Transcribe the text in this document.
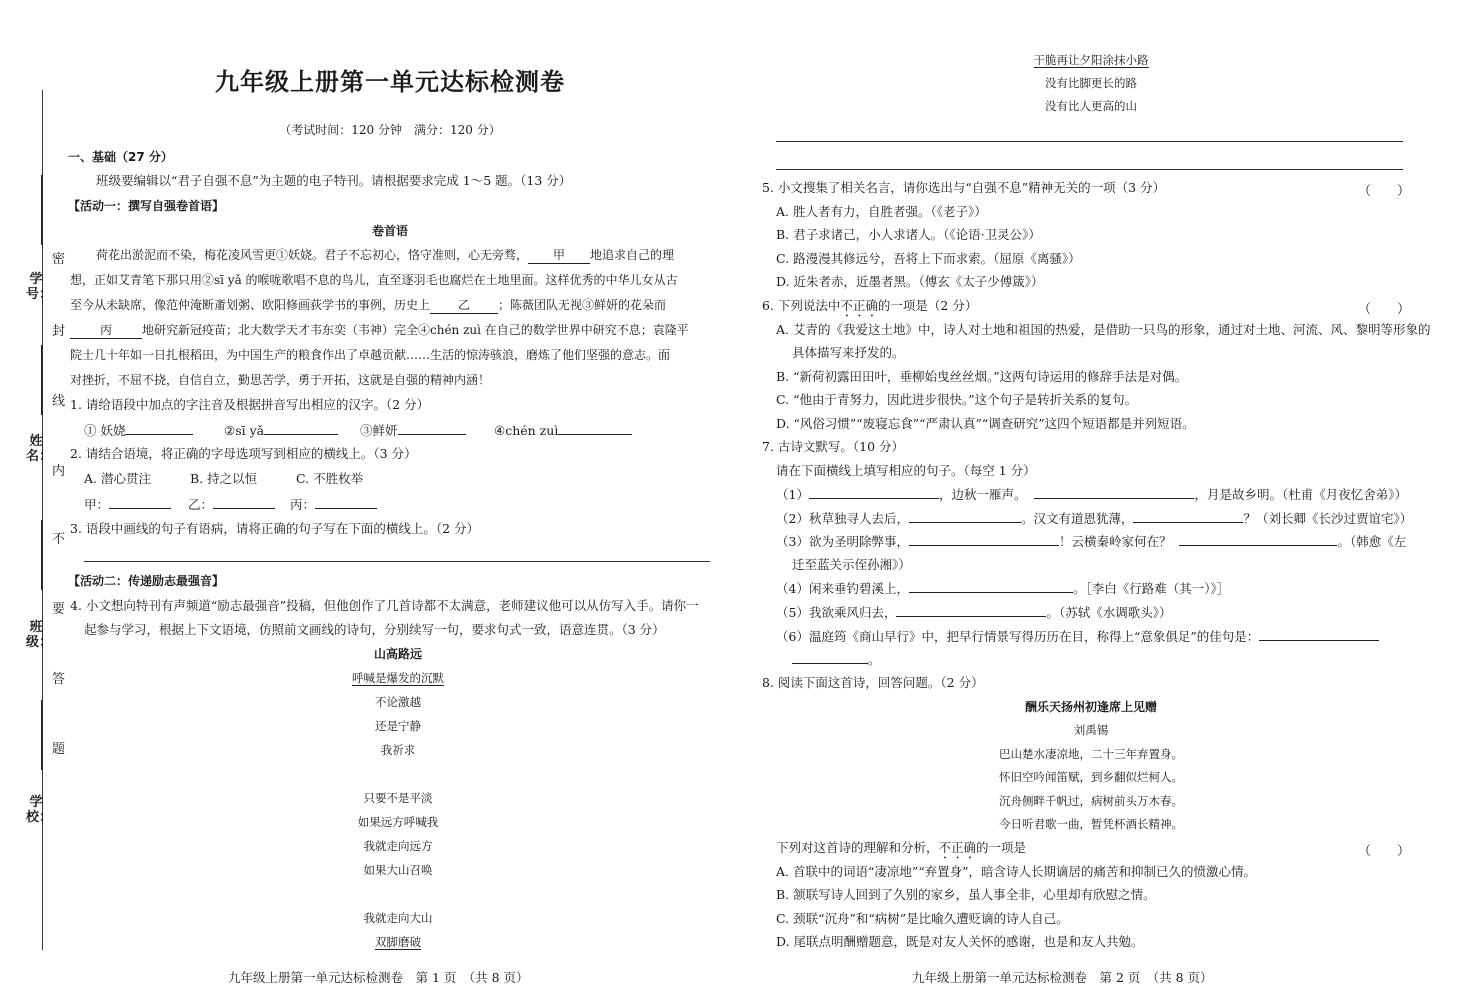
学号：
姓名：
班级：
学校：
密
封
线
内
不
要
答
题
九年级上册第一单元达标检测卷
（考试时间：120 分钟　满分：120 分）
一、基础（27 分）
班级要编辑以“君子自强不息”为主题的电子特刊。请根据要求完成 1～5 题。（13 分）
【活动一：撰写自强卷首语】
卷首语
荷花出淤泥而不染，梅花凌风雪更①妖娆。君子不忘初心，恪守准则，心无旁骛， 甲 地追求自己的理
想，正如艾青笔下那只用②sī yǎ 的喉咙歌唱不息的鸟儿，直至逐羽毛也腐烂在土地里面。这样优秀的中华儿女从古
至今从未缺席，像范仲淹断齑划粥、欧阳修画荻学书的事例，历史上 乙 ；陈薇团队无视③鲜妍的花朵而
丙	地研究新冠疫苗；北大数学天才韦东奕（韦神）完全④chén zuì 在自己的数学世界中研究不息；袁隆平
院士几十年如一日扎根稻田，为中国生产的粮食作出了卓越贡献……生活的惊涛骇浪，磨炼了他们坚强的意志。面
对挫折，不屈不挠，自信自立，勤思苦学，勇于开拓，这就是自强的精神内涵！
1. 请给语段中加点的字注音及根据拼音写出相应的汉字。（2 分）
① 妖娆	②sī yǎ	③鲜妍	④chén zuì
2. 请结合语境，将正确的字母选项写到相应的横线上。（3 分）
A. 潜心贯注	B. 持之以恒	C. 不胜枚举
甲：	乙：	丙：
3. 语段中画线的句子有语病，请将正确的句子写在下面的横线上。（2 分）
【活动二：传递励志最强音】
4. 小文想向特刊有声频道“励志最强音”投稿，但他创作了几首诗都不太满意，老师建议他可以从仿写入手。请你一
起参与学习，根据上下文语境，仿照前文画线的诗句，分别续写一句，要求句式一致，语意连贯。（3 分）
山高路远
呼喊是爆发的沉默
不论激越
还是宁静
我祈求
只要不是平淡
如果远方呼喊我
我就走向远方
如果大山召唤
我就走向大山
双脚磨破
九年级上册第一单元达标检测卷　第 1 页　（共 8 页）
干脆再让夕阳涂抹小路
没有比脚更长的路
没有比人更高的山
5. 小文搜集了相关名言，请你选出与“自强不息”精神无关的一项（3 分）	（　　）
A. 胜人者有力，自胜者强。（《老子》）
B. 君子求诸己，小人求诸人。（《论语·卫灵公》）
C. 路漫漫其修远兮，吾将上下而求索。（屈原《离骚》）
D. 近朱者赤，近墨者黑。（傅玄《太子少傅箴》）
6. 下列说法中不正确的一项是（2 分）	（　　）
A. 艾青的《我爱这土地》中，诗人对土地和祖国的热爱，是借助一只鸟的形象，通过对土地、河流、风、黎明等形象的
具体描写来抒发的。
B. “新荷初露田田叶，垂柳始曳丝丝烟。”这两句诗运用的修辞手法是对偶。
C. “他由于青努力，因此进步很快。”这个句子是转折关系的复句。
D. “风俗习惯”“废寝忘食”“严肃认真”“调查研究”这四个短语都是并列短语。
7. 古诗文默写。（10 分）
请在下面横线上填写相应的句子。（每空 1 分）
（1）	，边秋一雁声。	，月是故乡明。（杜甫《月夜忆舍弟》）
（2）秋草独寻人去后，	。汉文有道恩犹薄，	？（刘长卿《长沙过贾谊宅》）
（3）欲为圣明除弊事，	！云横秦岭家何在？	。（韩愈《左
迁至蓝关示侄孙湘》）
（4）闲来垂钓碧溪上，	。［李白《行路难（其一）》］
（5）我欲乘风归去，	。（苏轼《水调歌头》）
（6）温庭筠《商山早行》中，把早行情景写得历历在目，称得上“意象俱足”的佳句是：
。
8. 阅读下面这首诗，回答问题。（2 分）
酬乐天扬州初逢席上见赠
刘禹锡
巴山楚水凄凉地，二十三年弃置身。
怀旧空吟闻笛赋，到乡翻似烂柯人。
沉舟侧畔千帆过，病树前头万木春。
今日听君歌一曲，暂凭杯酒长精神。
下列对这首诗的理解和分析，不正确的一项是	（　　）
A. 首联中的词语“凄凉地”“弃置身”，暗含诗人长期谪居的痛苦和抑制已久的愤激心情。
B. 颔联写诗人回到了久别的家乡，虽人事全非，心里却有欣慰之情。
C. 颈联“沉舟”和“病树”是比喻久遭贬谪的诗人自己。
D. 尾联点明酬赠题意，既是对友人关怀的感谢，也是和友人共勉。
九年级上册第一单元达标检测卷　第 2 页　（共 8 页）
